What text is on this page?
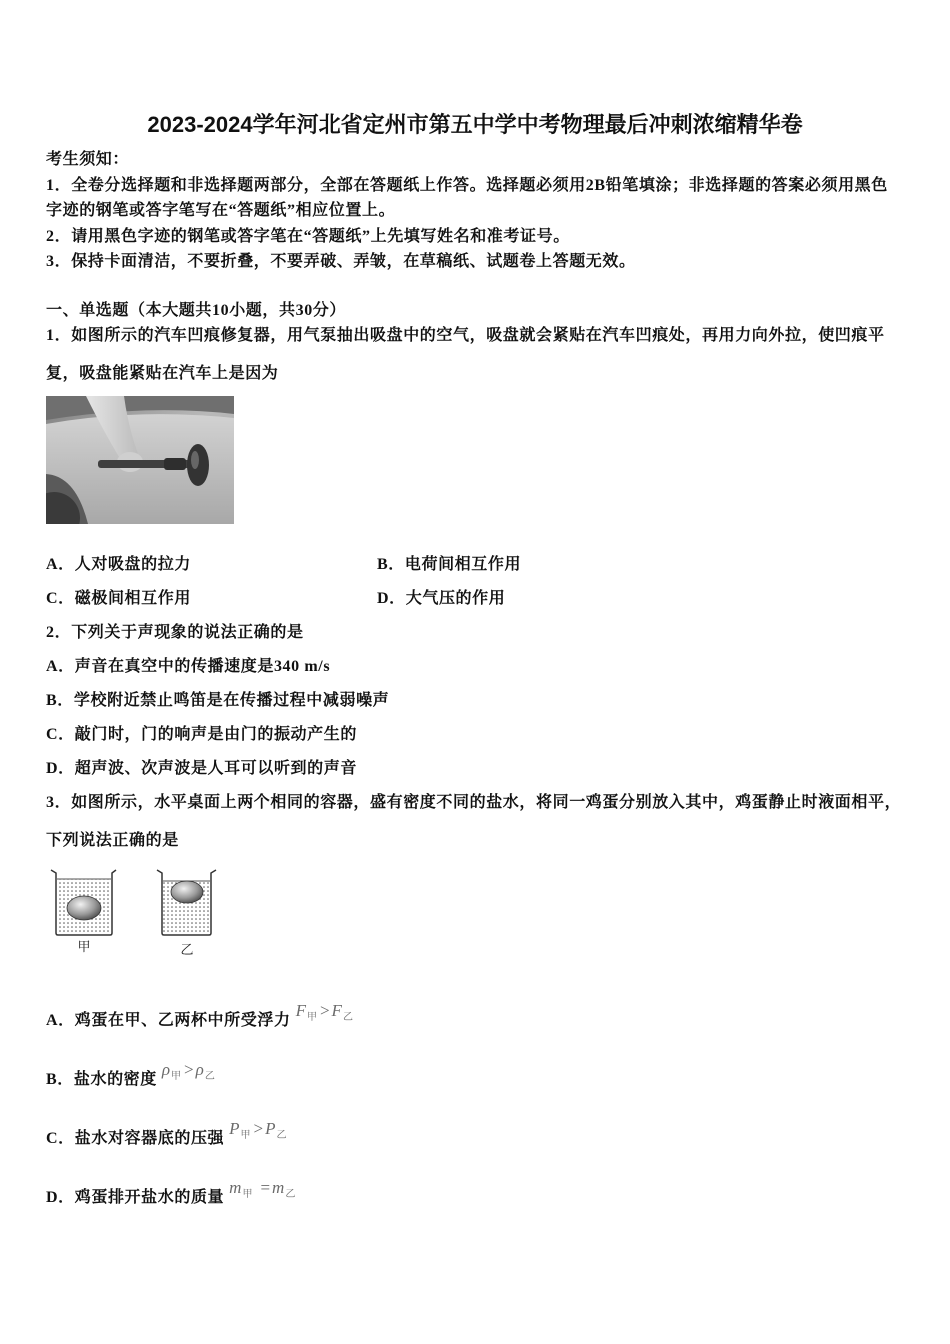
2023-2024学年河北省定州市第五中学中考物理最后冲刺浓缩精华卷
考生须知：
1．全卷分选择题和非选择题两部分，全部在答题纸上作答。选择题必须用2B铅笔填涂；非选择题的答案必须用黑色
字迹的钢笔或答字笔写在“答题纸”相应位置上。
2．请用黑色字迹的钢笔或答字笔在“答题纸”上先填写姓名和准考证号。
3．保持卡面清洁，不要折叠，不要弄破、弄皱，在草稿纸、试题卷上答题无效。
一、单选题（本大题共10小题，共30分）
1．如图所示的汽车凹痕修复器，用气泵抽出吸盘中的空气，吸盘就会紧贴在汽车凹痕处，再用力向外拉，使凹痕平
复，吸盘能紧贴在汽车上是因为
A．人对吸盘的拉力	B．电荷间相互作用
C．磁极间相互作用	D．大气压的作用
2．下列关于声现象的说法正确的是
A．声音在真空中的传播速度是340 m/s
B．学校附近禁止鸣笛是在传播过程中减弱噪声
C．敲门时，门的响声是由门的振动产生的
D．超声波、次声波是人耳可以听到的声音
3．如图所示，水平桌面上两个相同的容器，盛有密度不同的盐水，将同一鸡蛋分别放入其中，鸡蛋静止时液面相平，
下列说法正确的是
甲	乙
A．鸡蛋在甲、乙两杯中所受浮力$F_甲 > F_乙$
B．盐水的密度$\rho_甲 > \rho_乙$
C．盐水对容器底的压强$P_甲 > P_乙$
D．鸡蛋排开盐水的质量$m_甲 = m_乙$
